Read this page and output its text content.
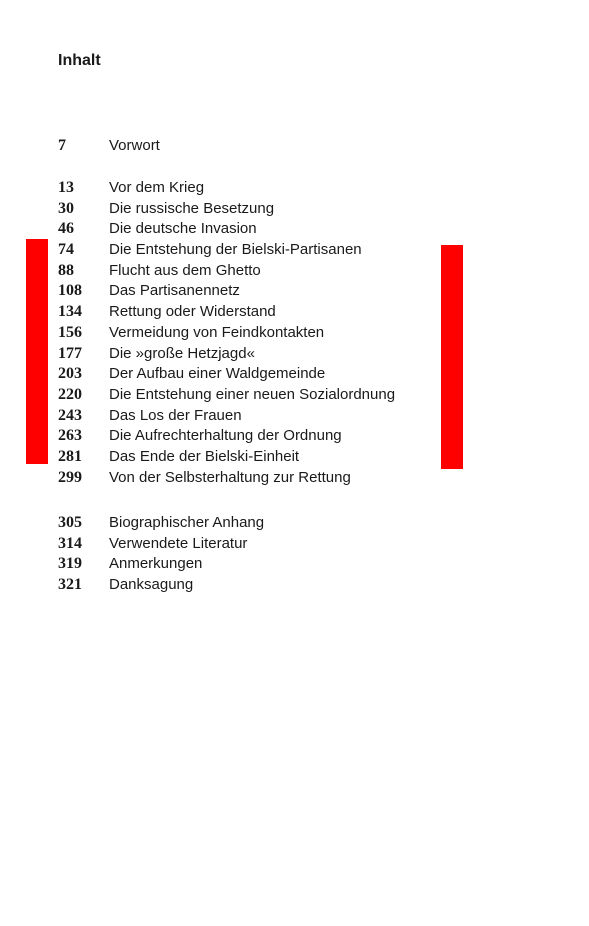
Inhalt
7	Vorwort
13	Vor dem Krieg
30	Die russische Besetzung
46	Die deutsche Invasion
74	Die Entstehung der Bielski-Partisanen
88	Flucht aus dem Ghetto
108	Das Partisanennetz
134	Rettung oder Widerstand
156	Vermeidung von Feindkontakten
177	Die »große Hetzjagd«
203	Der Aufbau einer Waldgemeinde
220	Die Entstehung einer neuen Sozialordnung
243	Das Los der Frauen
263	Die Aufrechterhaltung der Ordnung
281	Das Ende der Bielski-Einheit
299	Von der Selbsterhaltung zur Rettung
305	Biographischer Anhang
314	Verwendete Literatur
319	Anmerkungen
321	Danksagung
